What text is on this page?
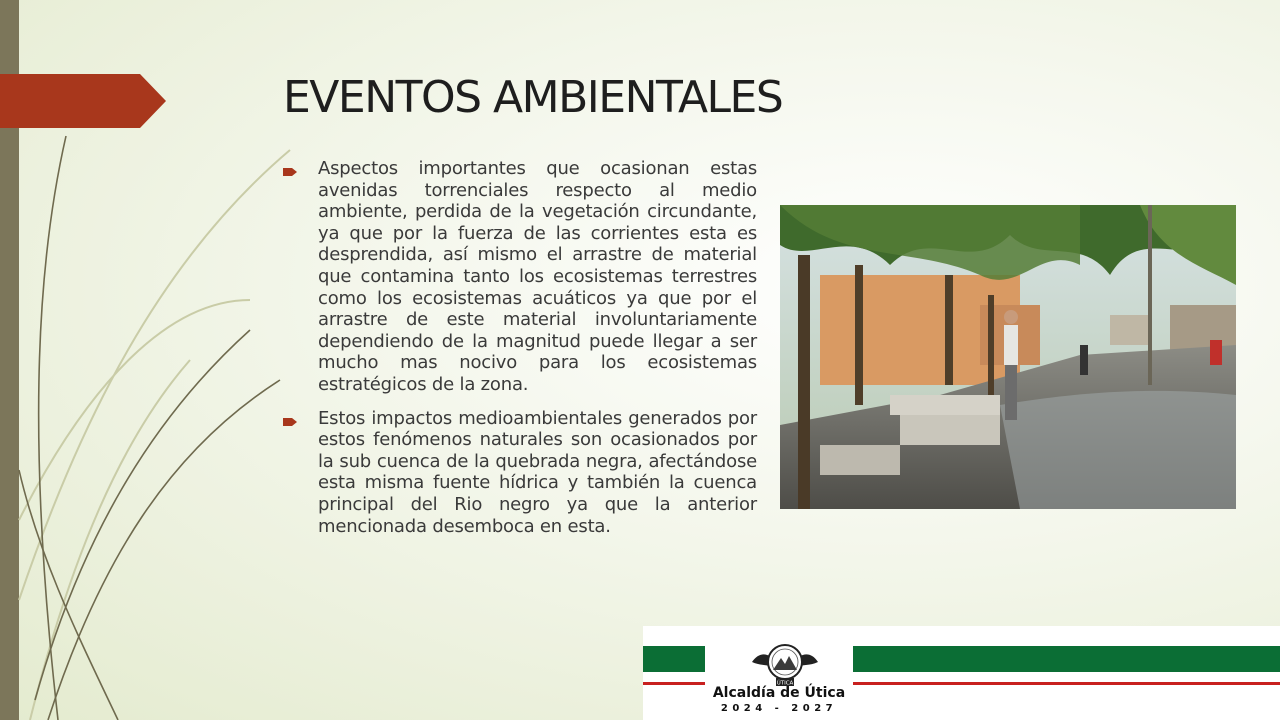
EVENTOS AMBIENTALES
Aspectos importantes que ocasionan estas avenidas torrenciales respecto al medio ambiente, perdida de la vegetación circundante, ya que por la fuerza de las corrientes esta es desprendida, así mismo el arrastre de material que contamina tanto los ecosistemas terrestres como los ecosistemas acuáticos ya que por el arrastre de este material involuntariamente dependiendo de la magnitud puede llegar a ser mucho mas nocivo para los ecosistemas estratégicos de la zona.
Estos impactos medioambientales generados por estos fenómenos naturales son ocasionados por la sub cuenca de la quebrada negra, afectándose esta misma fuente hídrica y también la cuenca principal del Rio negro ya que la anterior mencionada desemboca en esta.
ÚTICA
Alcaldía de Útica
2024 - 2027
